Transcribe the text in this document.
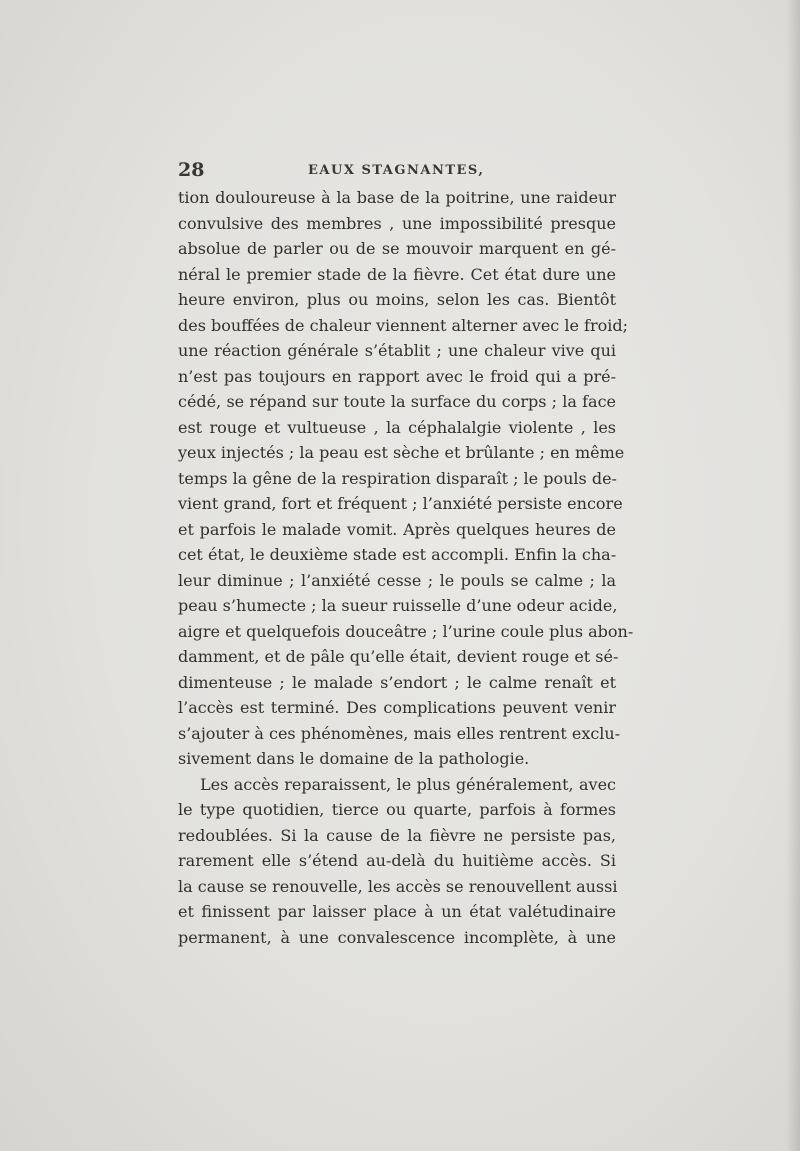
28	EAUX STAGNANTES,
tion douloureuse à la base de la poitrine, une raideur
convulsive des membres , une impossibilité presque
absolue de parler ou de se mouvoir marquent en gé-
néral le premier stade de la fièvre. Cet état dure une
heure environ, plus ou moins, selon les cas. Bientôt
des bouffées de chaleur viennent alterner avec le froid;
une réaction générale s’établit ; une chaleur vive qui
n’est pas toujours en rapport avec le froid qui a pré-
cédé, se répand sur toute la surface du corps ; la face
est rouge et vultueuse , la céphalalgie violente , les
yeux injectés ; la peau est sèche et brûlante ; en même
temps la gêne de la respiration disparaît ; le pouls de-
vient grand, fort et fréquent ; l’anxiété persiste encore
et parfois le malade vomit. Après quelques heures de
cet état, le deuxième stade est accompli. Enfin la cha-
leur diminue ; l’anxiété cesse ; le pouls se calme ; la
peau s’humecte ; la sueur ruisselle d’une odeur acide,
aigre et quelquefois douceâtre ; l’urine coule plus abon-
damment, et de pâle qu’elle était, devient rouge et sé-
dimenteuse ; le malade s’endort ; le calme renaît et
l’accès est terminé. Des complications peuvent venir
s’ajouter à ces phénomènes, mais elles rentrent exclu-
sivement dans le domaine de la pathologie.
Les accès reparaissent, le plus généralement, avec
le type quotidien, tierce ou quarte, parfois à formes
redoublées. Si la cause de la fièvre ne persiste pas,
rarement elle s’étend au-delà du huitième accès. Si
la cause se renouvelle, les accès se renouvellent aussi
et finissent par laisser place à un état valétudinaire
permanent, à une convalescence incomplète, à une
